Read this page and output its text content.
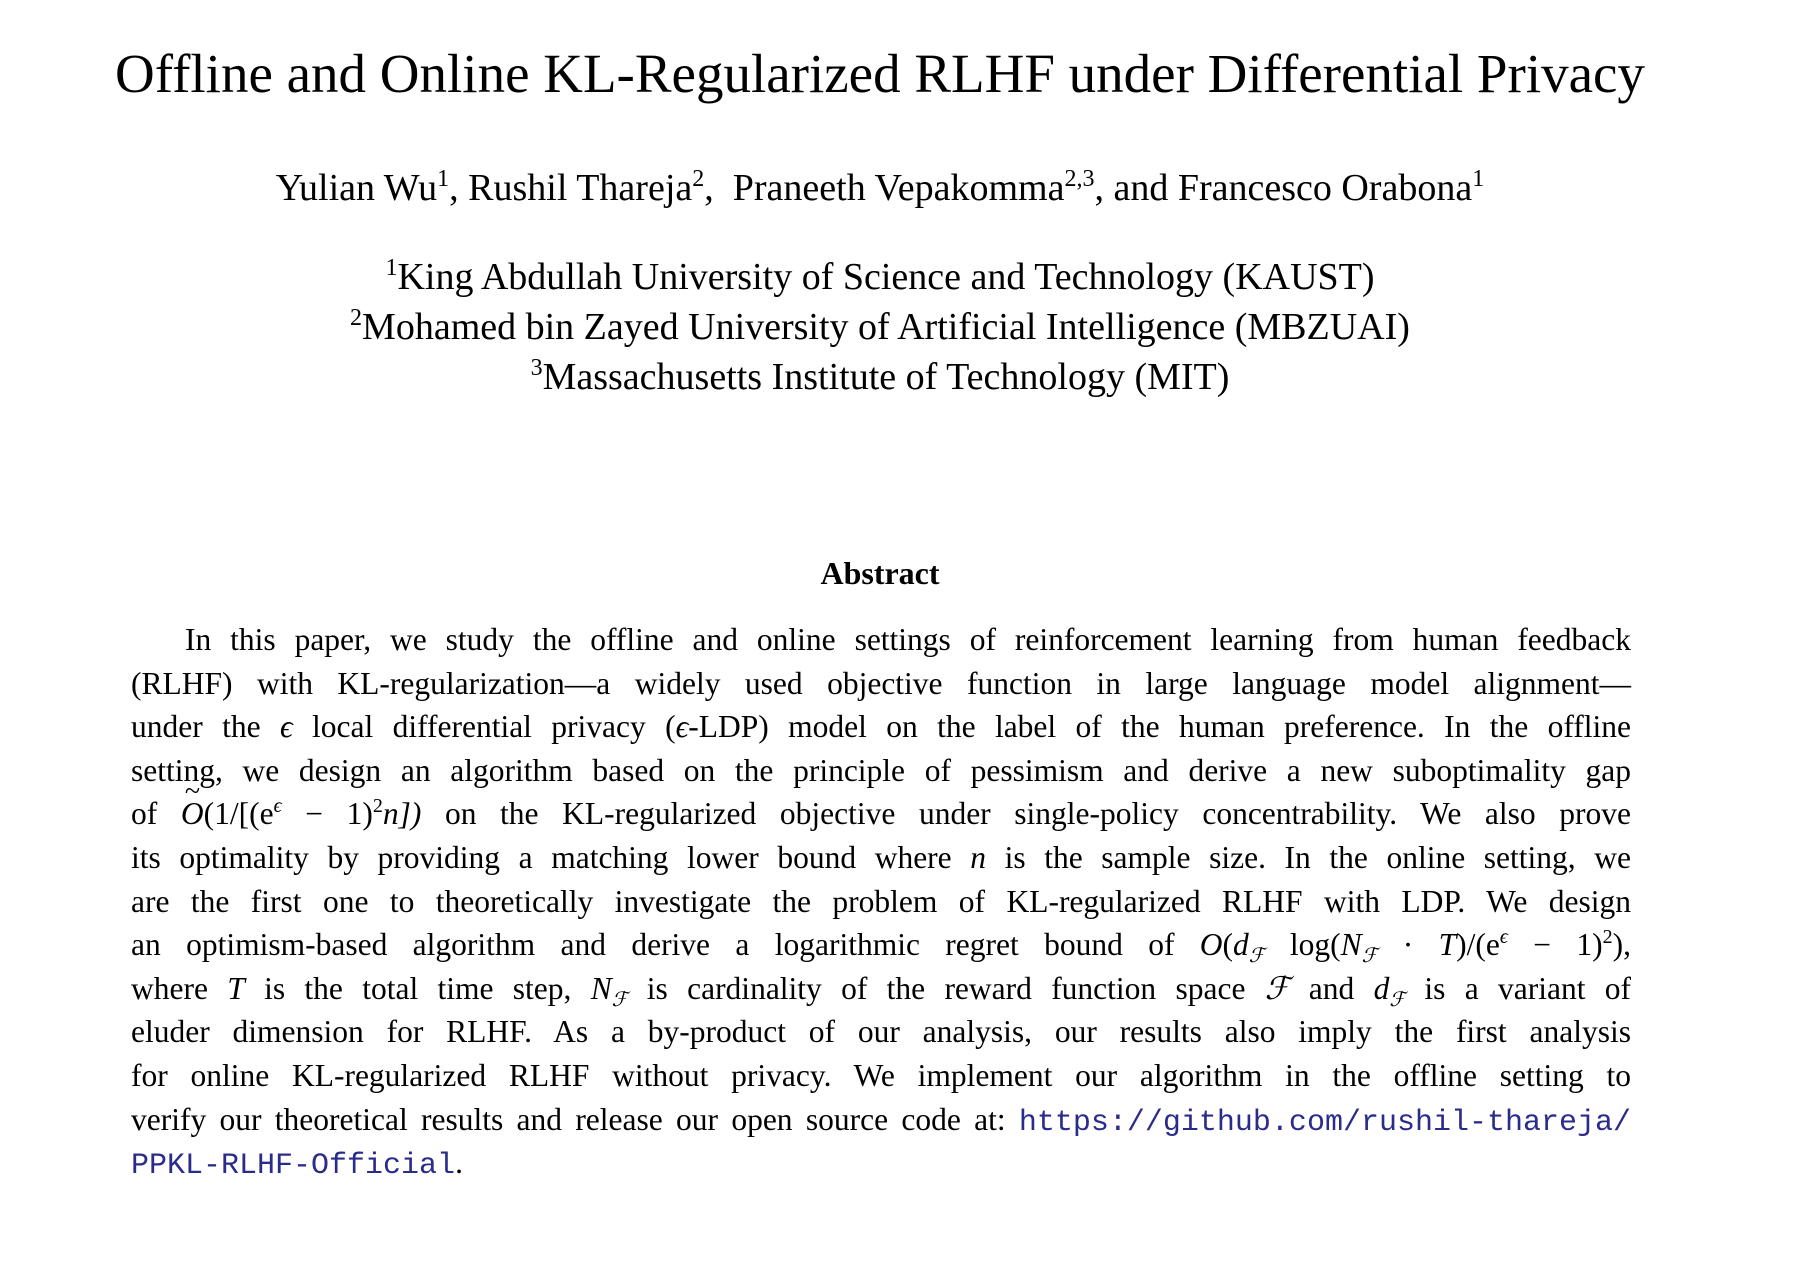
Offline and Online KL-Regularized RLHF under Differential Privacy
Yulian Wu$^1$, Rushil Thareja$^2$,  Praneeth Vepakomma$^{2,3}$, and Francesco Orabona$^1$
$^1$King Abdullah University of Science and Technology (KAUST)
$^2$Mohamed bin Zayed University of Artificial Intelligence (MBZUAI)
$^3$Massachusetts Institute of Technology (MIT)
Abstract
In this paper, we study the offline and online settings of reinforcement learning from human feedback
(RLHF) with KL-regularization—a widely used objective function in large language model alignment—
under the ϵ local differential privacy (ϵ-LDP) model on the label of the human preference. In the offline
setting, we design an algorithm based on the principle of pessimism and derive a new suboptimality gap
of ~ $O(1/[(e^\epsilon - 1)^2n])$ on the KL-regularized objective under single-policy concentrability. We also prove
its optimality by providing a matching lower bound where n is the sample size. In the online setting, we
are the first one to theoretically investigate the problem of KL-regularized RLHF with LDP. We design
an optimism-based algorithm and derive a logarithmic regret bound of $O(d_ℱ$ $\log(N_ℱ \cdot T)/(e^\epsilon - 1)^2$),
where T is the total time step, $N_ℱ$ is cardinality of the reward function space ℱ and $d_ℱ$ is a variant of
eluder dimension for RLHF. As a by-product of our analysis, our results also imply the first analysis
for online KL-regularized RLHF without privacy. We implement our algorithm in the offline setting to
verify our theoretical results and release our open source code at: https://github.com/rushil-thareja/
PPKL-RLHF-Official.
